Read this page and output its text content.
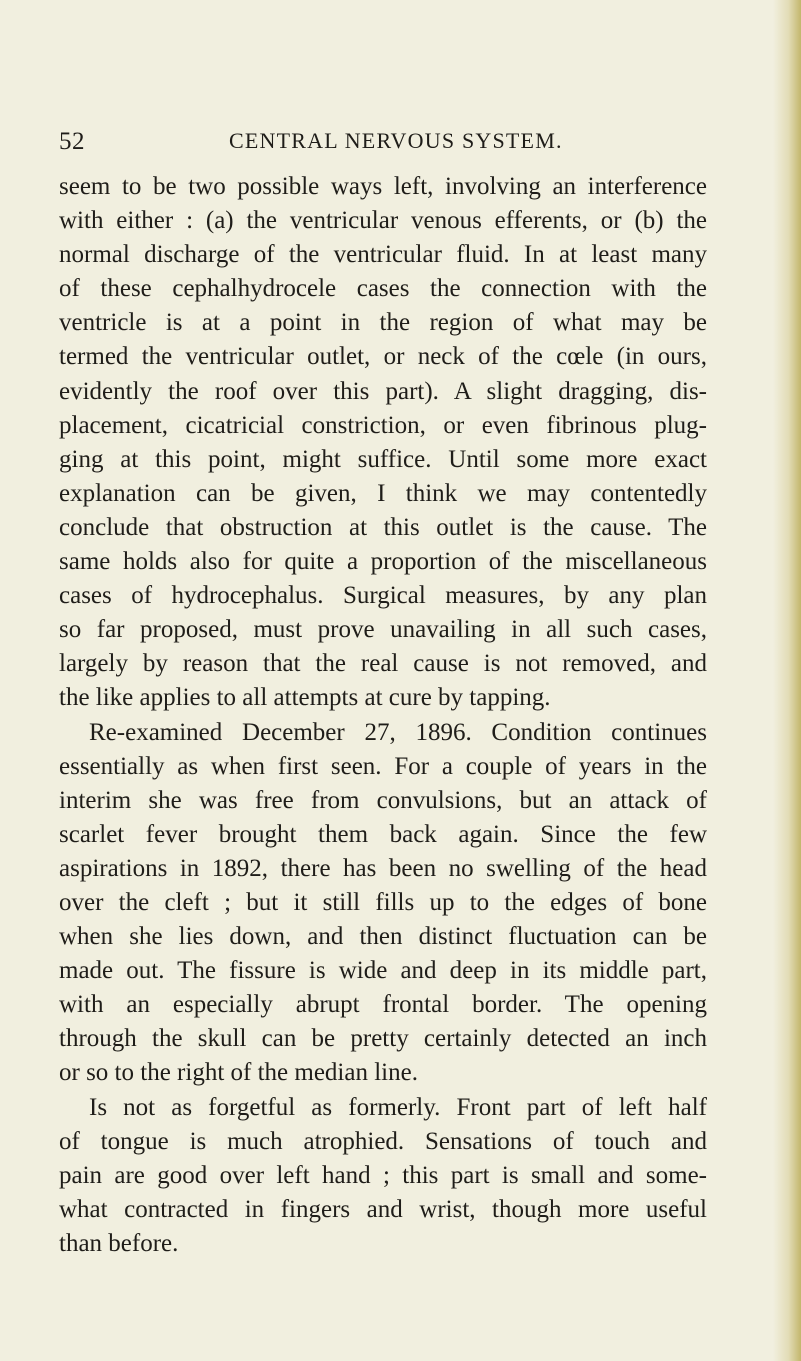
52	CENTRAL NERVOUS SYSTEM.
seem to be two possible ways left, involving an interference
with either : (a) the ventricular venous efferents, or (b) the
normal discharge of the ventricular fluid. In at least many
of these cephalhydrocele cases the connection with the
ventricle is at a point in the region of what may be
termed the ventricular outlet, or neck of the cœle (in ours,
evidently the roof over this part). A slight dragging, dis-
placement, cicatricial constriction, or even fibrinous plug-
ging at this point, might suffice. Until some more exact
explanation can be given, I think we may contentedly
conclude that obstruction at this outlet is the cause. The
same holds also for quite a proportion of the miscellaneous
cases of hydrocephalus. Surgical measures, by any plan
so far proposed, must prove unavailing in all such cases,
largely by reason that the real cause is not removed, and
the like applies to all attempts at cure by tapping.
Re-examined December 27, 1896. Condition continues
essentially as when first seen. For a couple of years in the
interim she was free from convulsions, but an attack of
scarlet fever brought them back again. Since the few
aspirations in 1892, there has been no swelling of the head
over the cleft ; but it still fills up to the edges of bone
when she lies down, and then distinct fluctuation can be
made out. The fissure is wide and deep in its middle part,
with an especially abrupt frontal border. The opening
through the skull can be pretty certainly detected an inch
or so to the right of the median line.
Is not as forgetful as formerly. Front part of left half
of tongue is much atrophied. Sensations of touch and
pain are good over left hand ; this part is small and some-
what contracted in fingers and wrist, though more useful
than before.
